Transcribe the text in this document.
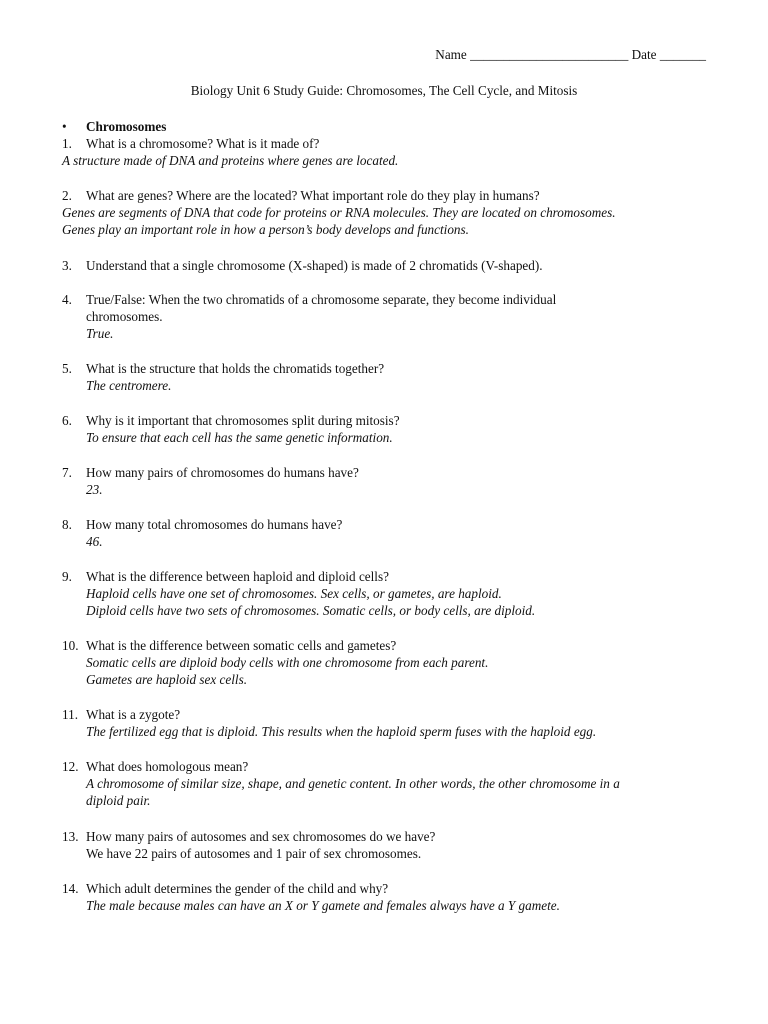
Name ________________________ Date _______
Biology Unit 6 Study Guide: Chromosomes, The Cell Cycle, and Mitosis
• Chromosomes
1.	What is a chromosome? What is it made of?
A structure made of DNA and proteins where genes are located.
2.	What are genes? Where are the located? What important role do they play in humans?
Genes are segments of DNA that code for proteins or RNA molecules. They are located on chromosomes.
Genes play an important role in how a person’s body develops and functions.
3.	Understand that a single chromosome (X-shaped) is made of 2 chromatids (V-shaped).
4.	True/False: When the two chromatids of a chromosome separate, they become individual
chromosomes.
True.
5.	What is the structure that holds the chromatids together?
The centromere.
6.	Why is it important that chromosomes split during mitosis?
To ensure that each cell has the same genetic information.
7.	How many pairs of chromosomes do humans have?
23.
8.	How many total chromosomes do humans have?
46.
9.	What is the difference between haploid and diploid cells?
Haploid cells have one set of chromosomes. Sex cells, or gametes, are haploid.
Diploid cells have two sets of chromosomes. Somatic cells, or body cells, are diploid.
10. What is the difference between somatic cells and gametes?
Somatic cells are diploid body cells with one chromosome from each parent.
Gametes are haploid sex cells.
11. What is a zygote?
The fertilized egg that is diploid. This results when the haploid sperm fuses with the haploid egg.
12. What does homologous mean?
A chromosome of similar size, shape, and genetic content. In other words, the other chromosome in a
diploid pair.
13. How many pairs of autosomes and sex chromosomes do we have?
We have 22 pairs of autosomes and 1 pair of sex chromosomes.
14. Which adult determines the gender of the child and why?
The male because males can have an X or Y gamete and females always have a Y gamete.
